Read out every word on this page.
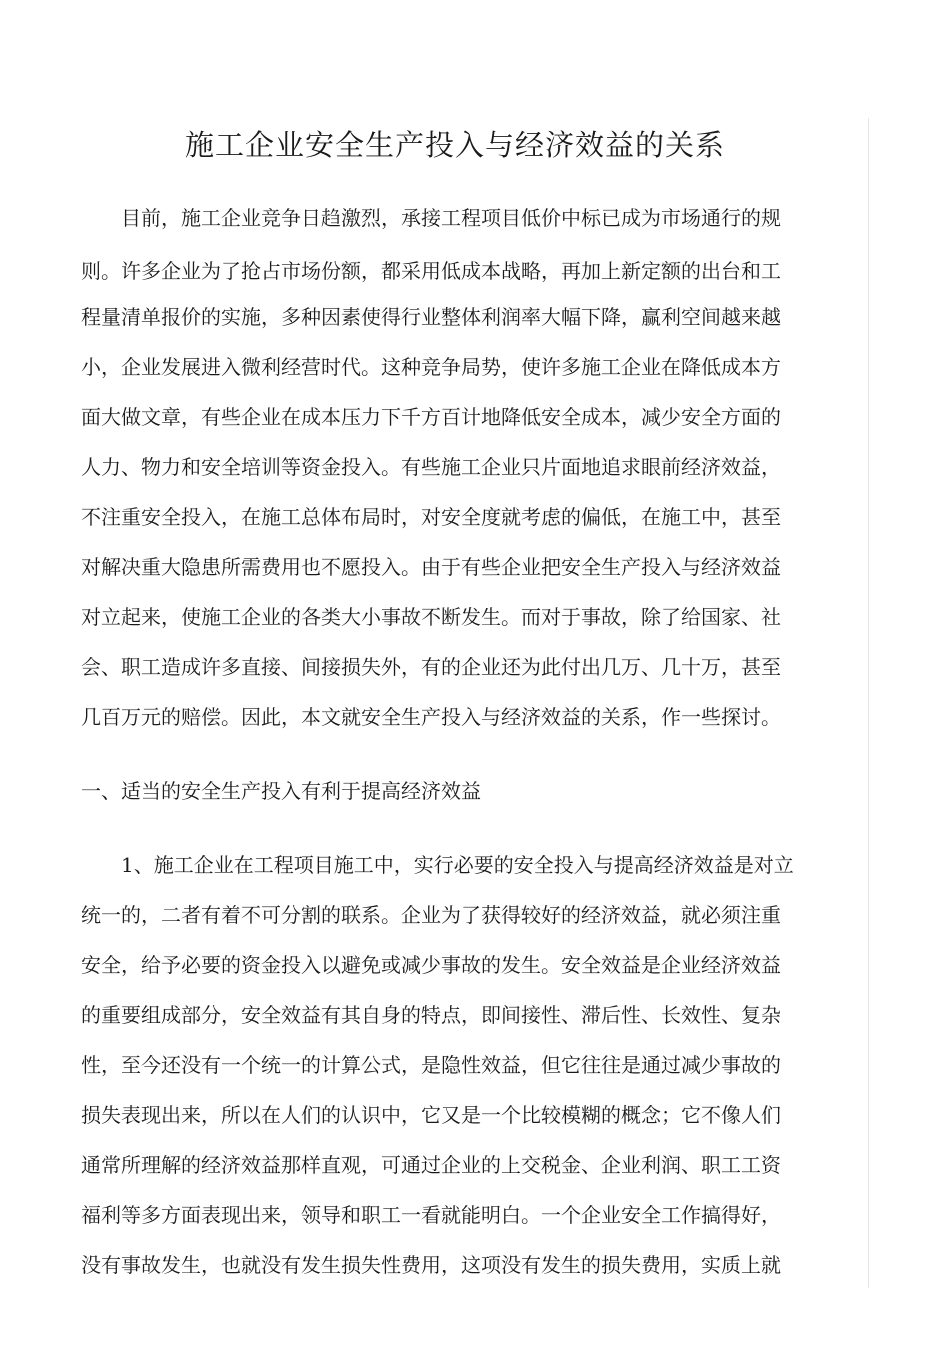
施工企业安全生产投入与经济效益的关系

目前，施工企业竞争日趋激烈，承接工程项目低价中标已成为市场通行的规

则。许多企业为了抢占市场份额，都采用低成本战略，再加上新定额的出台和工

程量清单报价的实施，多种因素使得行业整体利润率大幅下降，赢利空间越来越

小，企业发展进入微利经营时代。这种竞争局势，使许多施工企业在降低成本方

面大做文章，有些企业在成本压力下千方百计地降低安全成本，减少安全方面的

人力、物力和安全培训等资金投入。有些施工企业只片面地追求眼前经济效益，

不注重安全投入，在施工总体布局时，对安全度就考虑的偏低，在施工中，甚至

对解决重大隐患所需费用也不愿投入。由于有些企业把安全生产投入与经济效益

对立起来，使施工企业的各类大小事故不断发生。而对于事故，除了给国家、社

会、职工造成许多直接、间接损失外，有的企业还为此付出几万、几十万，甚至

几百万元的赔偿。因此，本文就安全生产投入与经济效益的关系，作一些探讨。

一、适当的安全生产投入有利于提高经济效益

1、施工企业在工程项目施工中，实行必要的安全投入与提高经济效益是对立

统一的，二者有着不可分割的联系。企业为了获得较好的经济效益，就必须注重

安全，给予必要的资金投入以避免或减少事故的发生。安全效益是企业经济效益

的重要组成部分，安全效益有其自身的特点，即间接性、滞后性、长效性、复杂

性，至今还没有一个统一的计算公式，是隐性效益，但它往往是通过减少事故的

损失表现出来，所以在人们的认识中，它又是一个比较模糊的概念；它不像人们

通常所理解的经济效益那样直观，可通过企业的上交税金、企业利润、职工工资

福利等多方面表现出来，领导和职工一看就能明白。一个企业安全工作搞得好，

没有事故发生，也就没有发生损失性费用，这项没有发生的损失费用，实质上就
